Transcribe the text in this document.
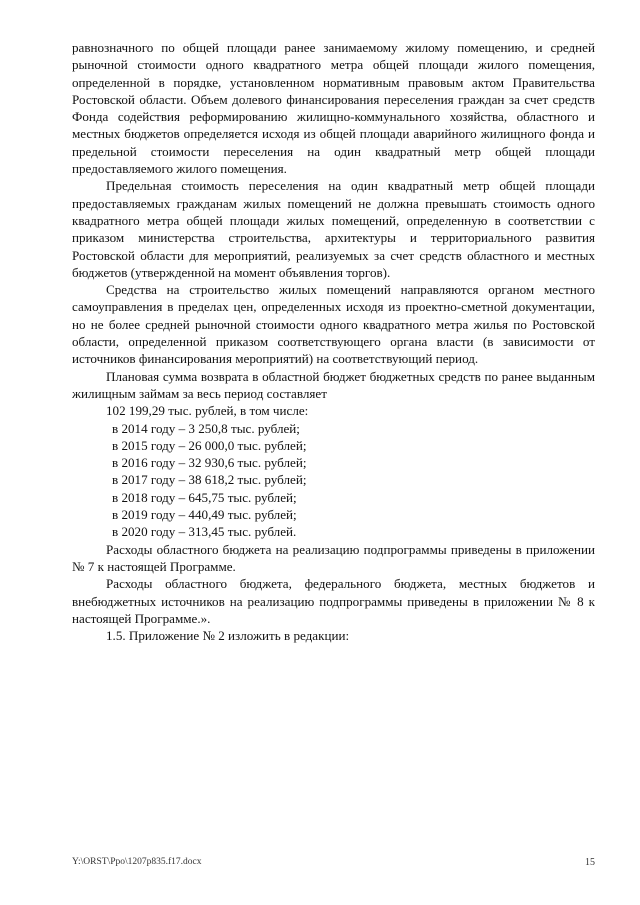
равнозначного по общей площади ранее занимаемому жилому помещению, и средней рыночной стоимости одного квадратного метра общей площади жилого помещения, определенной в порядке, установленном нормативным правовым актом Правительства Ростовской области. Объем долевого финансирования переселения граждан за счет средств Фонда содействия реформированию жилищно-коммунального хозяйства, областного и местных бюджетов определяется исходя из общей площади аварийного жилищного фонда и предельной стоимости переселения на один квадратный метр общей площади предоставляемого жилого помещения.

Предельная стоимость переселения на один квадратный метр общей площади предоставляемых гражданам жилых помещений не должна превышать стоимость одного квадратного метра общей площади жилых помещений, определенную в соответствии с приказом министерства строительства, архитектуры и территориального развития Ростовской области для мероприятий, реализуемых за счет средств областного и местных бюджетов (утвержденной на момент объявления торгов).

Средства на строительство жилых помещений направляются органом местного самоуправления в пределах цен, определенных исходя из проектно-сметной документации, но не более средней рыночной стоимости одного квадратного метра жилья по Ростовской области, определенной приказом соответствующего органа власти (в зависимости от источников финансирования мероприятий) на соответствующий период.

Плановая сумма возврата в областной бюджет бюджетных средств по ранее выданным жилищным займам за весь период составляет

102 199,29 тыс. рублей, в том числе:

в 2014 году – 3 250,8 тыс. рублей;
в 2015 году – 26 000,0 тыс. рублей;
в 2016 году – 32 930,6 тыс. рублей;
в 2017 году – 38 618,2 тыс. рублей;
в 2018 году – 645,75 тыс. рублей;
в 2019 году – 440,49 тыс. рублей;
в 2020 году – 313,45 тыс. рублей.

Расходы областного бюджета на реализацию подпрограммы приведены в приложении № 7 к настоящей Программе.

Расходы областного бюджета, федерального бюджета, местных бюджетов и внебюджетных источников на реализацию подпрограммы приведены в приложении № 8 к настоящей Программе.».

1.5. Приложение № 2 изложить в редакции:

Y:\ORST\Ppo\1207p835.f17.docx	15
